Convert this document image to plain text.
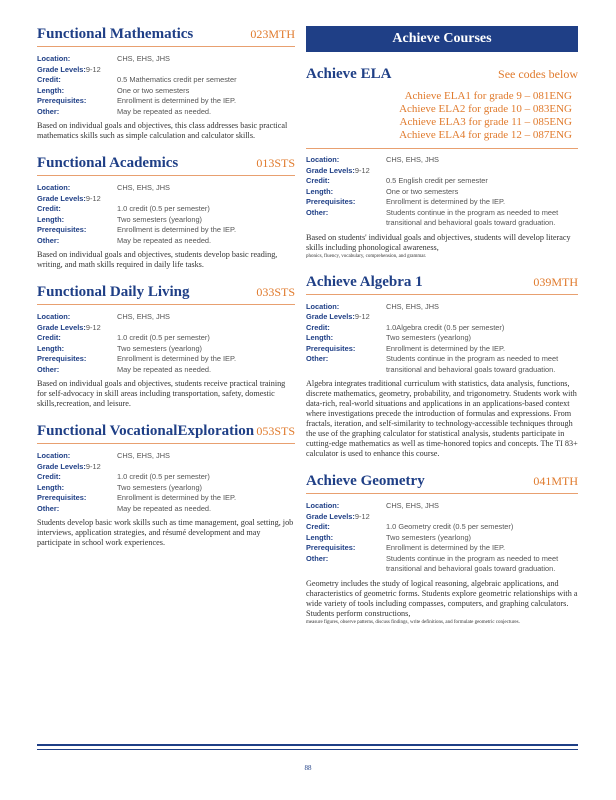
Functional Mathematics	023MTH
Location:	CHS, EHS, JHS
Grade Levels: 9-12
Credit:	0.5 Mathematics credit per semester
Length:	One or two semesters
Prerequisites:	Enrollment is determined by the IEP.
Other:	May be repeated as needed.
Based on individual goals and objectives, this class addresses basic practical mathematics skills such as simple calculation and calculator skills.
Functional Academics	013STS
Location:	CHS, EHS, JHS
Grade Levels: 9-12
Credit:	1.0 credit (0.5 per semester)
Length:	Two semesters (yearlong)
Prerequisites:	Enrollment is determined by the IEP.
Other:	May be repeated as needed.
Based on individual goals and objectives, students develop basic reading, writing, and math skills required in daily life tasks.
Functional Daily Living	033STS
Location:	CHS, EHS, JHS
Grade Levels: 9-12
Credit:	1.0 credit (0.5 per semester)
Length:	Two semesters (yearlong)
Prerequisites:	Enrollment is determined by the IEP.
Other:	May be repeated as needed.
Based on individual goals and objectives, students receive practical training for self-advocacy in skill areas including transportation, safety, domestic skills,recreation, and leisure.
Functional VocationalExploration 053STS
Location:	CHS, EHS, JHS
Grade Levels: 9-12
Credit:	1.0 credit (0.5 per semester)
Length:	Two semesters (yearlong)
Prerequisites:	Enrollment is determined by the IEP.
Other:	May be repeated as needed.
Students develop basic work skills such as time management, goal setting, job interviews, application strategies, and résumé development and may participate in school work experiences.
Achieve Courses
Achieve ELA	See codes below
Achieve ELA1 for grade 9 – 081ENG
Achieve ELA2 for grade 10 – 083ENG
Achieve ELA3 for grade 11 – 085ENG
Achieve ELA4 for grade 12 – 087ENG
Location:	CHS, EHS, JHS
Grade Levels: 9-12
Credit:	0.5 English credit per semester
Length:	One or two semesters
Prerequisites:	Enrollment is determined by the IEP.
Other:	Students continue in the program as needed to meet transitional and behavioral goals toward graduation.
Based on students' individual goals and objectives, students will develop literacy skills including phonological awareness,
phonics, fluency, vocabulary, comprehension, and grammar.
Achieve Algebra 1	039MTH
Location:	CHS, EHS, JHS
Grade Levels: 9-12
Credit:	1.0Algebra credit (0.5 per semester)
Length:	Two semesters (yearlong)
Prerequisites:	Enrollment is determined by the IEP.
Other:	Students continue in the program as needed to meet transitional and behavioral goals toward graduation.
Algebra integrates traditional curriculum with statistics, data analysis, functions, discrete mathematics, geometry, probability, and trigonometry. Students work with data-rich, real-world situations and applications in an applications-based context where investigations precede the introduction of formulas and expressions. From fractals, iteration, and self-similarity to technology-accessible techniques through the use of the graphing calculator for statistical analysis, students participate in cutting-edge mathematics as well as time-honored topics and concepts. The TI 83+ calculator is used to enhance this course.
Achieve Geometry	041MTH
Location:	CHS, EHS, JHS
Grade Levels: 9-12
Credit:	1.0 Geometry credit (0.5 per semester)
Length:	Two semesters (yearlong)
Prerequisites:	Enrollment is determined by the IEP.
Other:	Students continue in the program as needed to meet transitional and behavioral goals toward graduation.
Geometry includes the study of logical reasoning, algebraic applications, and characteristics of geometric forms. Students explore geometric relationships with a wide variety of tools including compasses, computers, and graphing calculators. Students perform constructions,
measure figures, observe patterns, discuss findings, write definitions, and formulate geometric conjectures.
88
